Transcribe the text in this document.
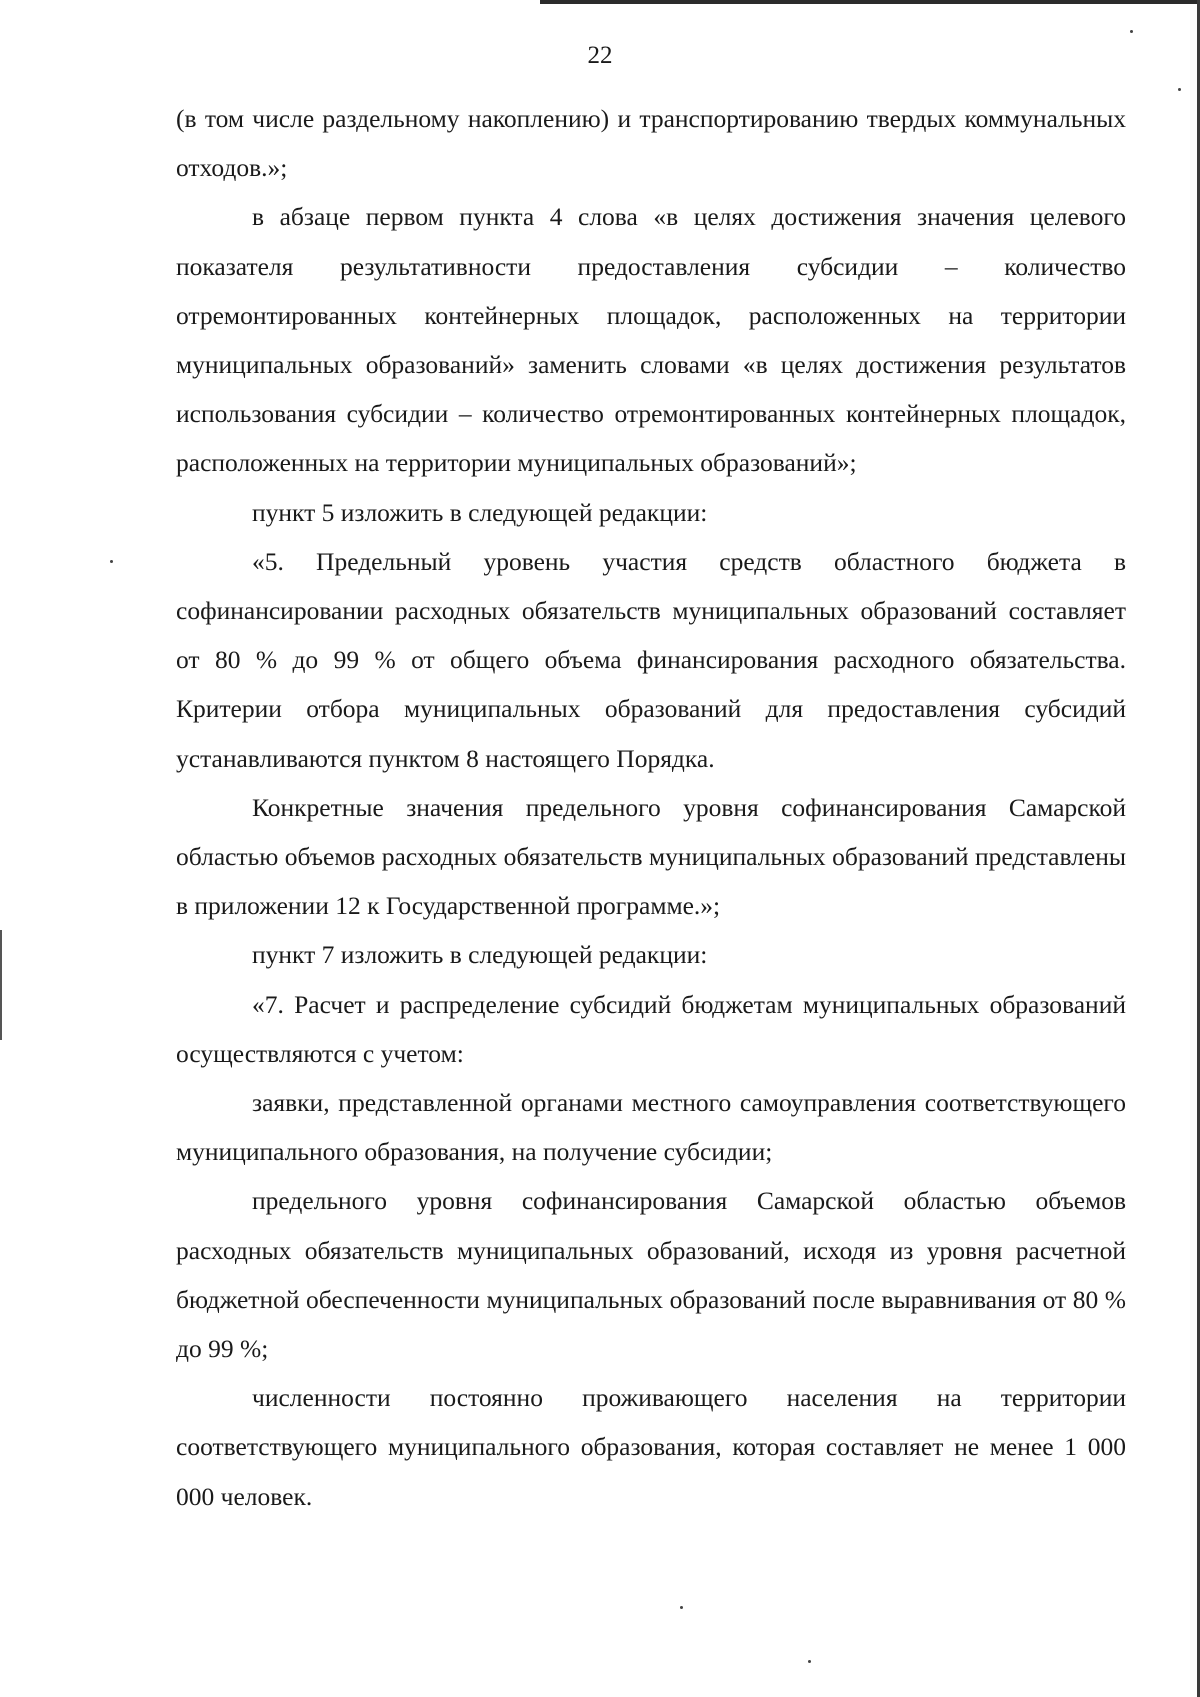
22

(в том числе раздельному накоплению) и транспортированию твердых коммунальных отходов.»;

в абзаце первом пункта 4 слова «в целях достижения значения целевого показателя результативности предоставления субсидии – количество отремонтированных контейнерных площадок, расположенных на территории муниципальных образований» заменить словами «в целях достижения результатов использования субсидии – количество отремонтированных контейнерных площадок, расположенных на территории муниципальных образований»;

пункт 5 изложить в следующей редакции:

«5. Предельный уровень участия средств областного бюджета в софинансировании расходных обязательств муниципальных образований составляет от 80 % до 99 % от общего объема финансирования расходного обязательства. Критерии отбора муниципальных образований для предоставления субсидий устанавливаются пунктом 8 настоящего Порядка.

Конкретные значения предельного уровня софинансирования Самарской областью объемов расходных обязательств муниципальных образований представлены в приложении 12 к Государственной программе.»;

пункт 7 изложить в следующей редакции:

«7. Расчет и распределение субсидий бюджетам муниципальных образований осуществляются с учетом:

заявки, представленной органами местного самоуправления соответствующего муниципального образования, на получение субсидии;

предельного уровня софинансирования Самарской областью объемов расходных обязательств муниципальных образований, исходя из уровня расчетной бюджетной обеспеченности муниципальных образований после выравнивания от 80 % до 99 %;

численности постоянно проживающего населения на территории соответствующего муниципального образования, которая составляет не менее 1 000 000 человек.
